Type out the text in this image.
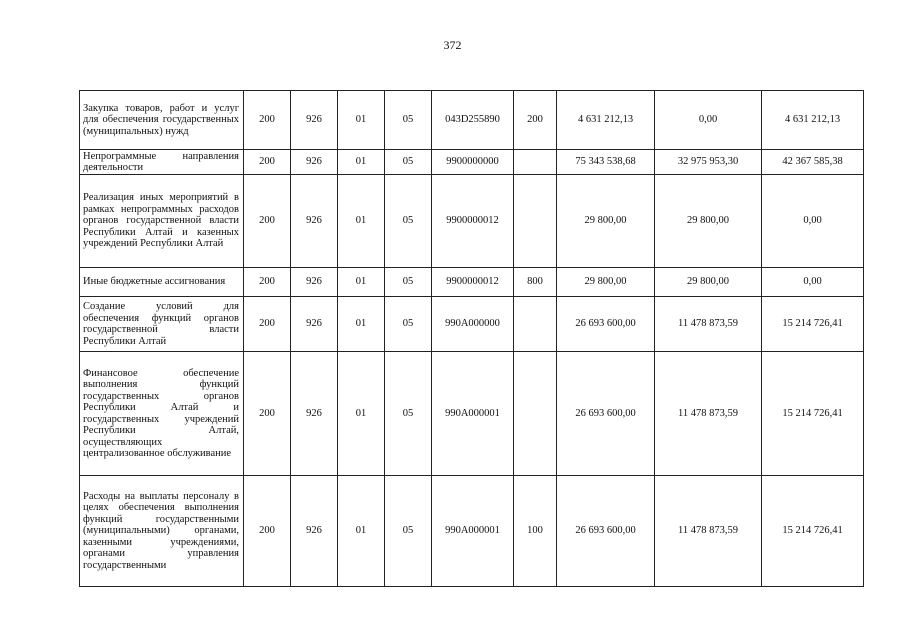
372
Закупка товаров, работ и услуг для обеспечения государственных (муниципальных) нужд	200	926	01	05	043D255890	200	4 631 212,13	0,00	4 631 212,13
Непрограммные направления деятельности	200	926	01	05	9900000000		75 343 538,68	32 975 953,30	42 367 585,38
Реализация иных мероприятий в рамках непрограммных расходов органов государственной власти Республики Алтай и казенных учреждений Республики Алтай	200	926	01	05	9900000012		29 800,00	29 800,00	0,00
Иные бюджетные ассигнования	200	926	01	05	9900000012	800	29 800,00	29 800,00	0,00
Создание условий для обеспечения функций органов государственной власти Республики Алтай	200	926	01	05	990A000000		26 693 600,00	11 478 873,59	15 214 726,41
Финансовое обеспечение выполнения функций государственных органов Республики Алтай и государственных учреждений Республики Алтай, осуществляющих централизованное обслуживание	200	926	01	05	990A000001		26 693 600,00	11 478 873,59	15 214 726,41
Расходы на выплаты персоналу в целях обеспечения выполнения функций государственными (муниципальными) органами, казенными учреждениями, органами управления государственными	200	926	01	05	990A000001	100	26 693 600,00	11 478 873,59	15 214 726,41
